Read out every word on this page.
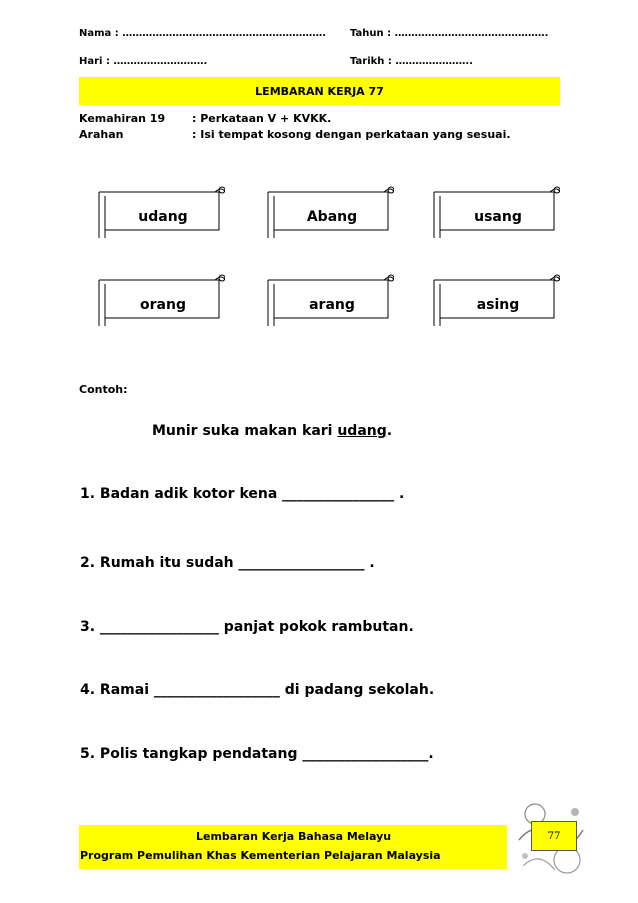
Nama : ……………………………………………………. Tahun : ……………………………………….
Hari : ……………………….	Tarikh : …………………..
LEMBARAN KERJA 77
Kemahiran 19 : Perkataan V + KVKK.
Arahan	: Isi tempat kosong dengan perkataan yang sesuai.
udang	Abang	usang
orang	arang	asing
Contoh:
Munir suka makan kari udang.
1. Badan adik kotor kena ________________ .
2. Rumah itu sudah __________________ .
3. _________________ panjat pokok rambutan.
4. Ramai __________________ di padang sekolah.
5. Polis tangkap pendatang __________________.
Lembaran Kerja Bahasa Melayu
Program Pemulihan Khas Kementerian Pelajaran Malaysia
77
